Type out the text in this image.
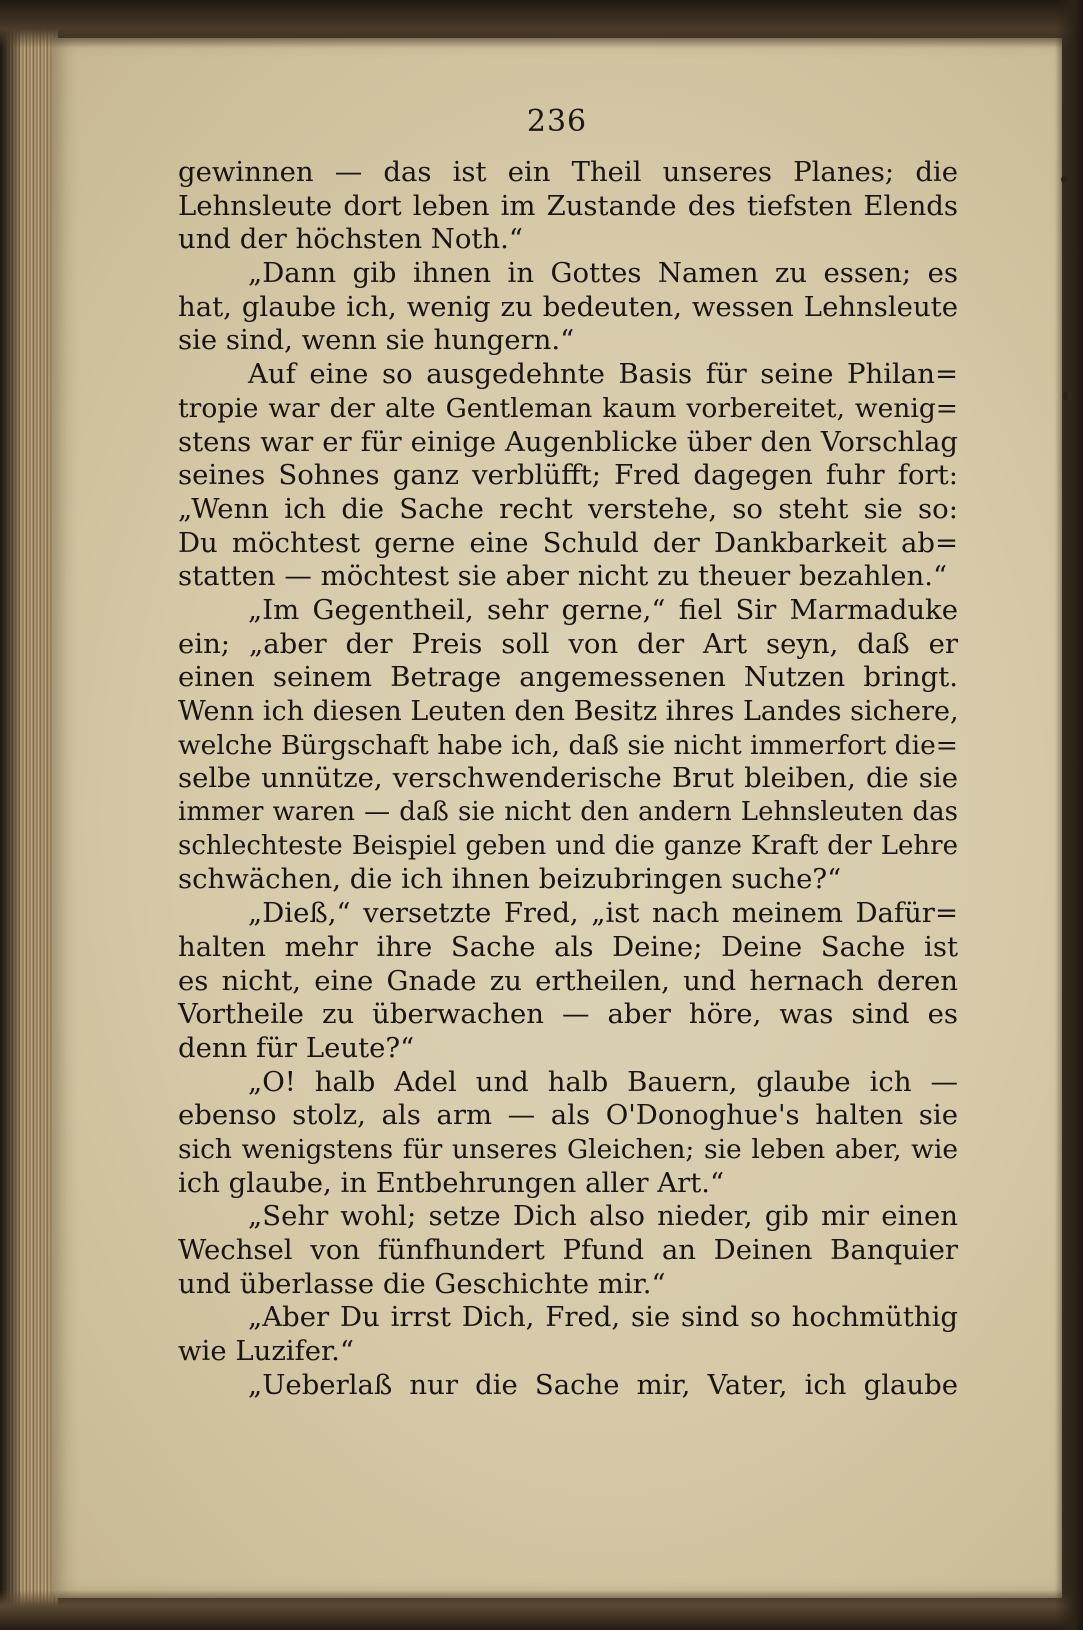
236
gewinnen — das ist ein Theil unseres Planes; die
Lehnsleute dort leben im Zustande des tiefsten Elends
und der höchsten Noth.“
„Dann gib ihnen in Gottes Namen zu essen; es
hat, glaube ich, wenig zu bedeuten, wessen Lehnsleute
sie sind, wenn sie hungern.“
Auf eine so ausgedehnte Basis für seine Philan=
tropie war der alte Gentleman kaum vorbereitet, wenig=
stens war er für einige Augenblicke über den Vorschlag
seines Sohnes ganz verblüfft; Fred dagegen fuhr fort:
„Wenn ich die Sache recht verstehe, so steht sie so:
Du möchtest gerne eine Schuld der Dankbarkeit ab=
statten — möchtest sie aber nicht zu theuer bezahlen.“
„Im Gegentheil, sehr gerne,“ fiel Sir Marmaduke
ein; „aber der Preis soll von der Art seyn, daß er
einen seinem Betrage angemessenen Nutzen bringt.
Wenn ich diesen Leuten den Besitz ihres Landes sichere,
welche Bürgschaft habe ich, daß sie nicht immerfort die=
selbe unnütze, verschwenderische Brut bleiben, die sie
immer waren — daß sie nicht den andern Lehnsleuten das
schlechteste Beispiel geben und die ganze Kraft der Lehre
schwächen, die ich ihnen beizubringen suche?“
„Dieß,“ versetzte Fred, „ist nach meinem Dafür=
halten mehr ihre Sache als Deine; Deine Sache ist
es nicht, eine Gnade zu ertheilen, und hernach deren
Vortheile zu überwachen — aber höre, was sind es
denn für Leute?“
„O! halb Adel und halb Bauern, glaube ich —
ebenso stolz, als arm — als O'Donoghue's halten sie
sich wenigstens für unseres Gleichen; sie leben aber, wie
ich glaube, in Entbehrungen aller Art.“
„Sehr wohl; setze Dich also nieder, gib mir einen
Wechsel von fünfhundert Pfund an Deinen Banquier
und überlasse die Geschichte mir.“
„Aber Du irrst Dich, Fred, sie sind so hochmüthig
wie Luzifer.“
„Ueberlaß nur die Sache mir, Vater, ich glaube
